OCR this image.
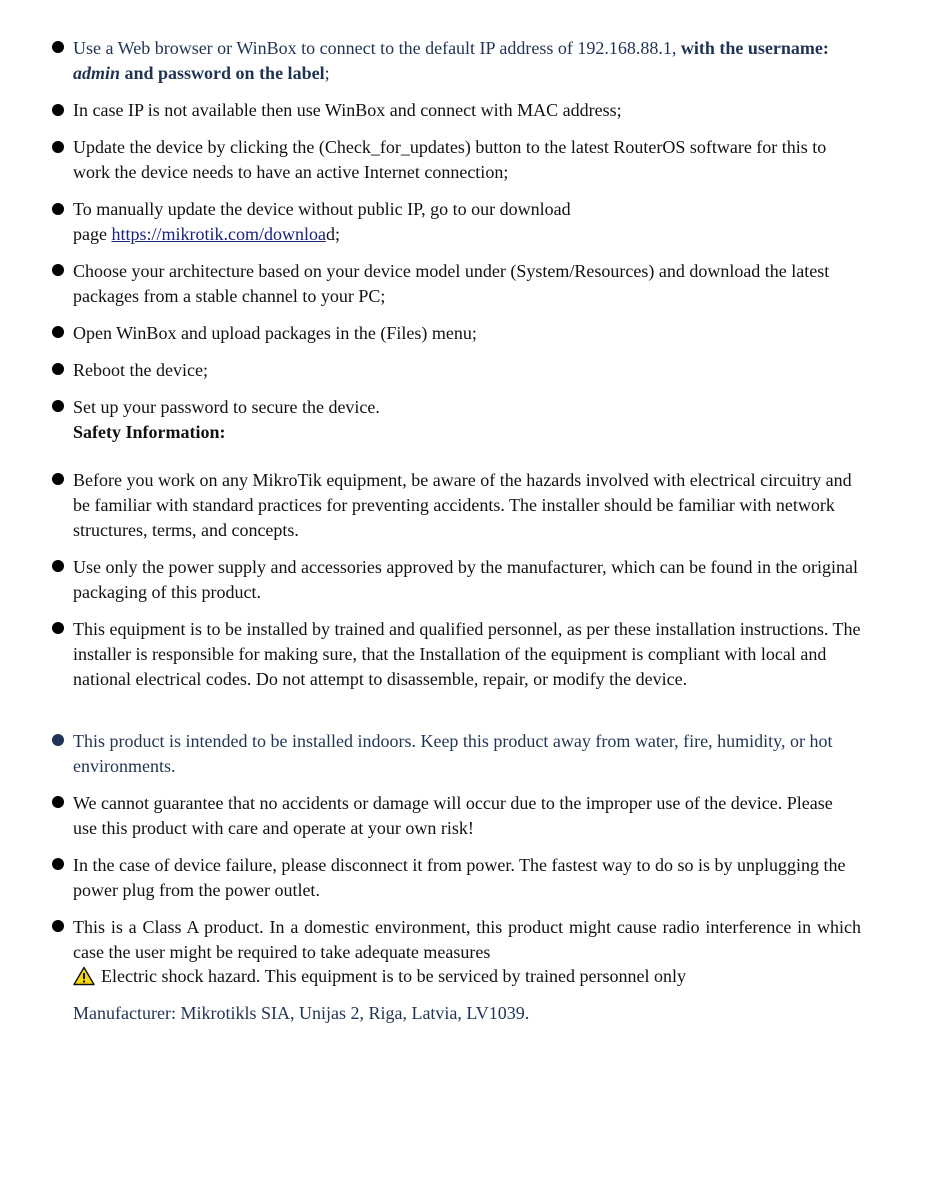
Use a Web browser or WinBox to connect to the default IP address of 192.168.88.1, with the username: admin and password on the label;
In case IP is not available then use WinBox and connect with MAC address;
Update the device by clicking the (Check_for_updates) button to the latest RouterOS software for this to work the device needs to have an active Internet connection;
To manually update the device without public IP, go to our download
page https://mikrotik.com/download;
Choose your architecture based on your device model under (System/Resources) and download the latest packages from a stable channel to your PC;
Open WinBox and upload packages in the (Files) menu;
Reboot the device;
Set up your password to secure the device.
Safety Information:
Before you work on any MikroTik equipment, be aware of the hazards involved with electrical circuitry and be familiar with standard practices for preventing accidents. The installer should be familiar with network structures, terms, and concepts.
Use only the power supply and accessories approved by the manufacturer, which can be found in the original packaging of this product.
This equipment is to be installed by trained and qualified personnel, as per these installation instructions. The installer is responsible for making sure, that the Installation of the equipment is compliant with local and national electrical codes. Do not attempt to disassemble, repair, or modify the device.
This product is intended to be installed indoors. Keep this product away from water, fire, humidity, or hot environments.
We cannot guarantee that no accidents or damage will occur due to the improper use of the device. Please use this product with care and operate at your own risk!
In the case of device failure, please disconnect it from power. The fastest way to do so is by unplugging the power plug from the power outlet.
This is a Class A product. In a domestic environment, this product might cause radio interference in which case the user might be required to take adequate measures
Electric shock hazard. This equipment is to be serviced by trained personnel only
Manufacturer: Mikrotikls SIA, Unijas 2, Riga, Latvia, LV1039.
